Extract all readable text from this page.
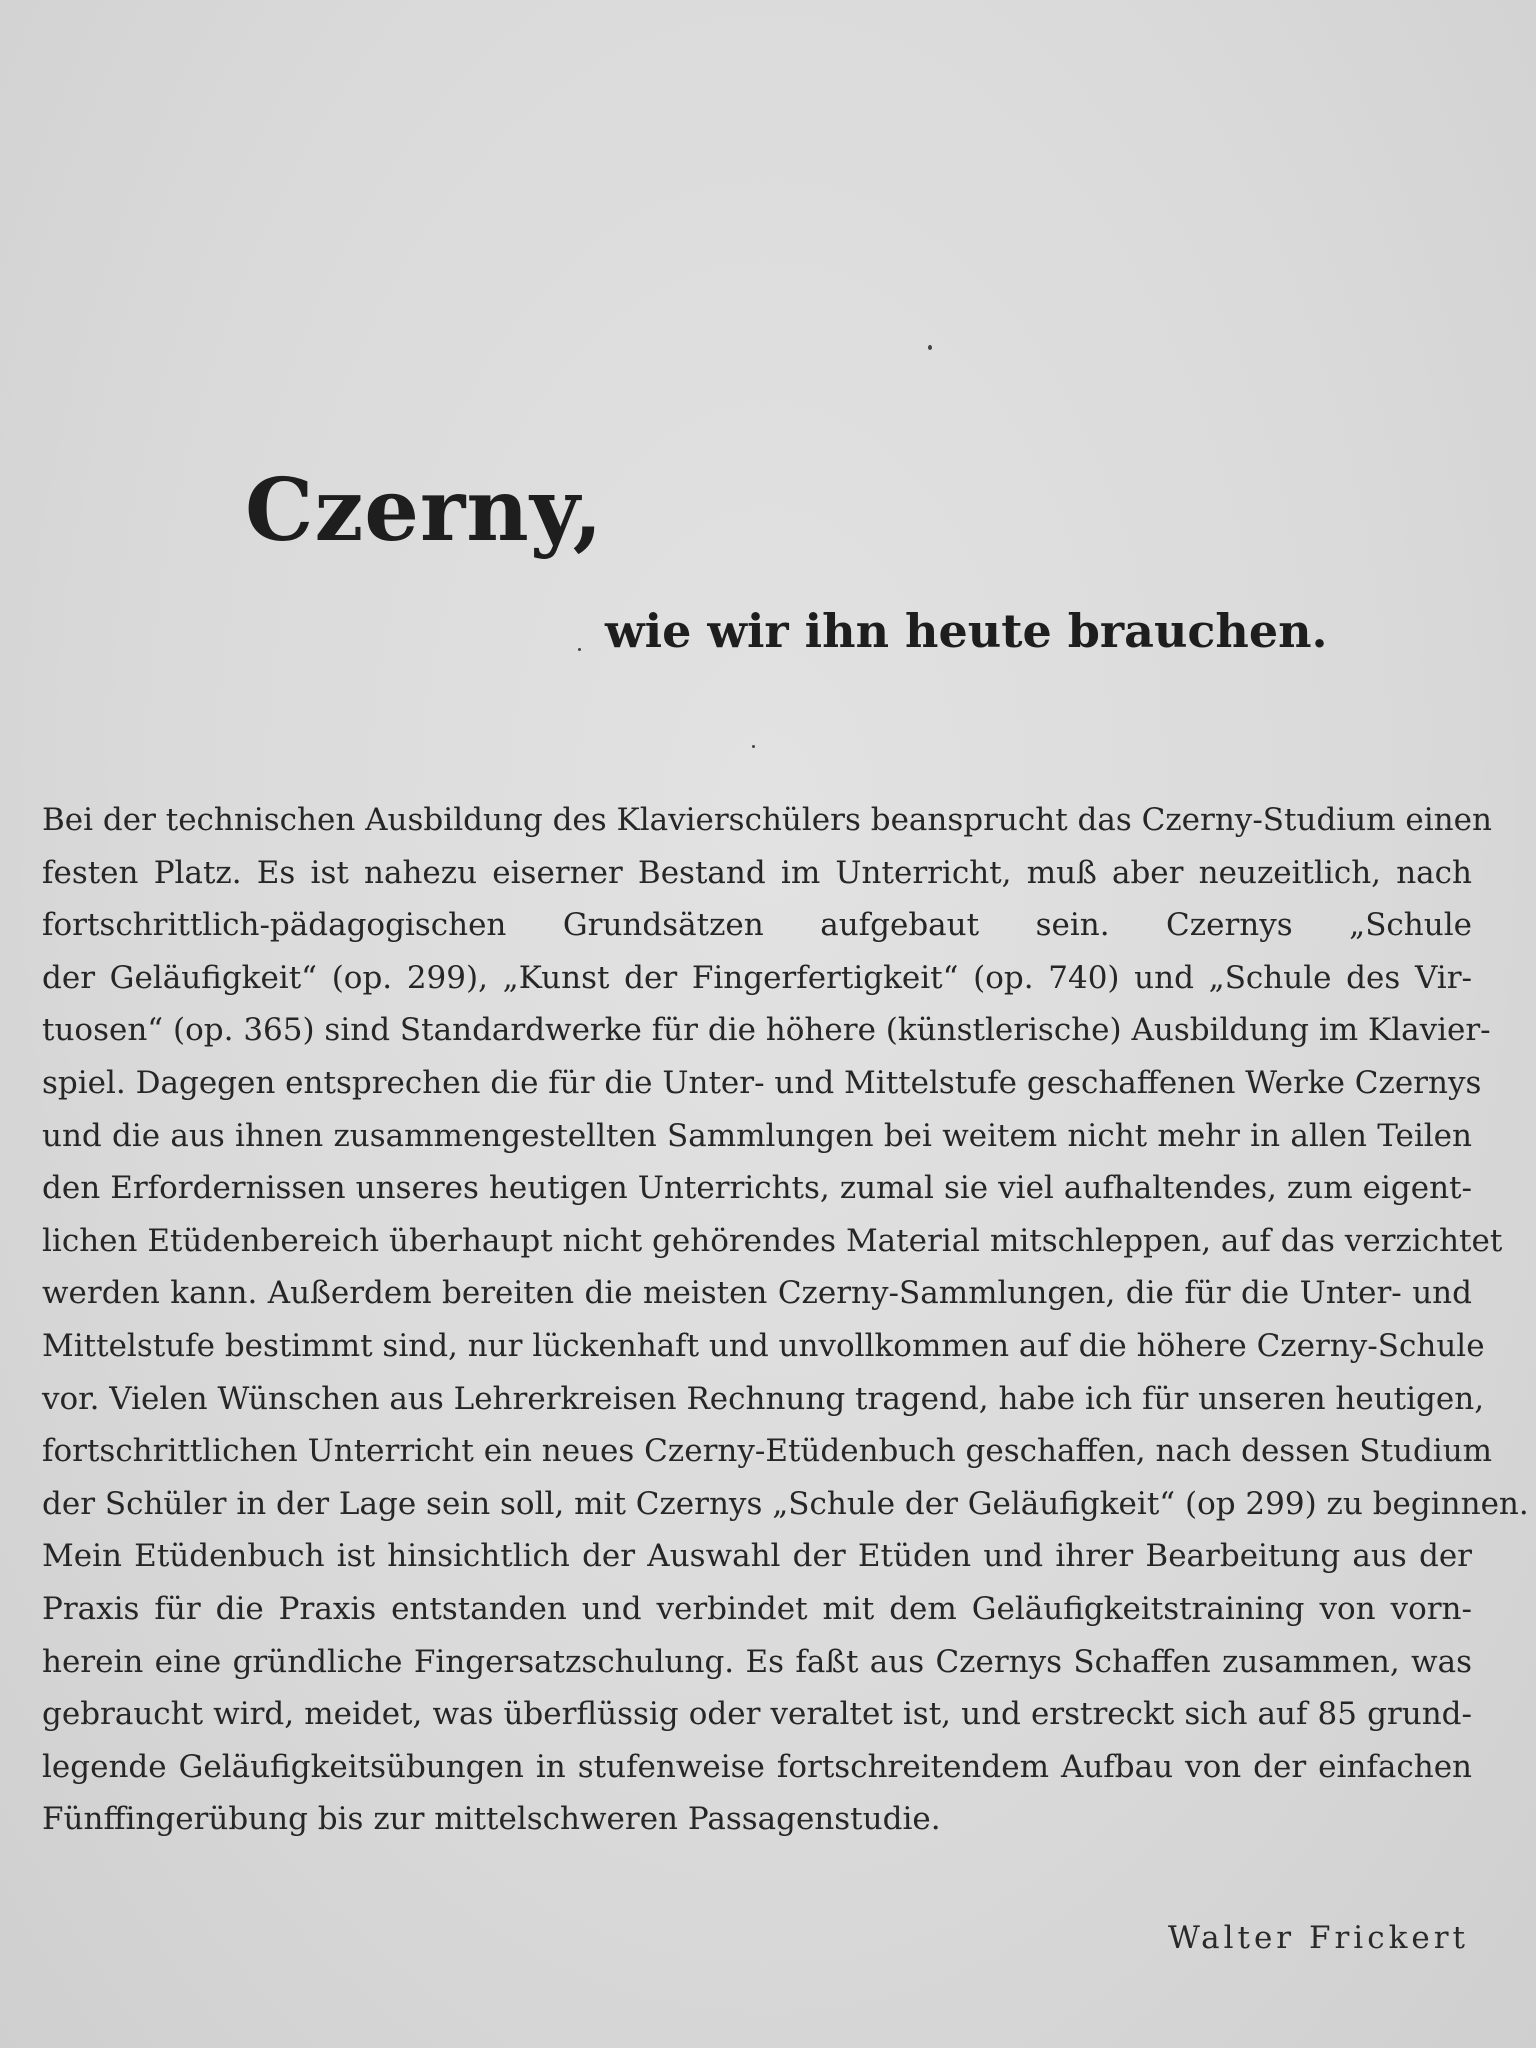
Czerny,
wie wir ihn heute brauchen.
Bei der technischen Ausbildung des Klavierschülers beansprucht das Czerny-Studium einen
festen Platz. Es ist nahezu eiserner Bestand im Unterricht, muß aber neuzeitlich, nach
fortschrittlich-pädagogischen Grundsätzen aufgebaut sein. Czernys „Schule
der Geläufigkeit“ (op. 299), „Kunst der Fingerfertigkeit“ (op. 740) und „Schule des Vir-
tuosen“ (op. 365) sind Standardwerke für die höhere (künstlerische) Ausbildung im Klavier-
spiel. Dagegen entsprechen die für die Unter- und Mittelstufe geschaffenen Werke Czernys
und die aus ihnen zusammengestellten Sammlungen bei weitem nicht mehr in allen Teilen
den Erfordernissen unseres heutigen Unterrichts, zumal sie viel aufhaltendes, zum eigent-
lichen Etüdenbereich überhaupt nicht gehörendes Material mitschleppen, auf das verzichtet
werden kann. Außerdem bereiten die meisten Czerny-Sammlungen, die für die Unter- und
Mittelstufe bestimmt sind, nur lückenhaft und unvollkommen auf die höhere Czerny-Schule
vor. Vielen Wünschen aus Lehrerkreisen Rechnung tragend, habe ich für unseren heutigen,
fortschrittlichen Unterricht ein neues Czerny-Etüdenbuch geschaffen, nach dessen Studium
der Schüler in der Lage sein soll, mit Czernys „Schule der Geläufigkeit“ (op 299) zu beginnen.
Mein Etüdenbuch ist hinsichtlich der Auswahl der Etüden und ihrer Bearbeitung aus der
Praxis für die Praxis entstanden und verbindet mit dem Geläufigkeitstraining von vorn-
herein eine gründliche Fingersatzschulung. Es faßt aus Czernys Schaffen zusammen, was
gebraucht wird, meidet, was überflüssig oder veraltet ist, und erstreckt sich auf 85 grund-
legende Geläufigkeitsübungen in stufenweise fortschreitendem Aufbau von der einfachen
Fünffingerübung bis zur mittelschweren Passagenstudie.
Walter Frickert
